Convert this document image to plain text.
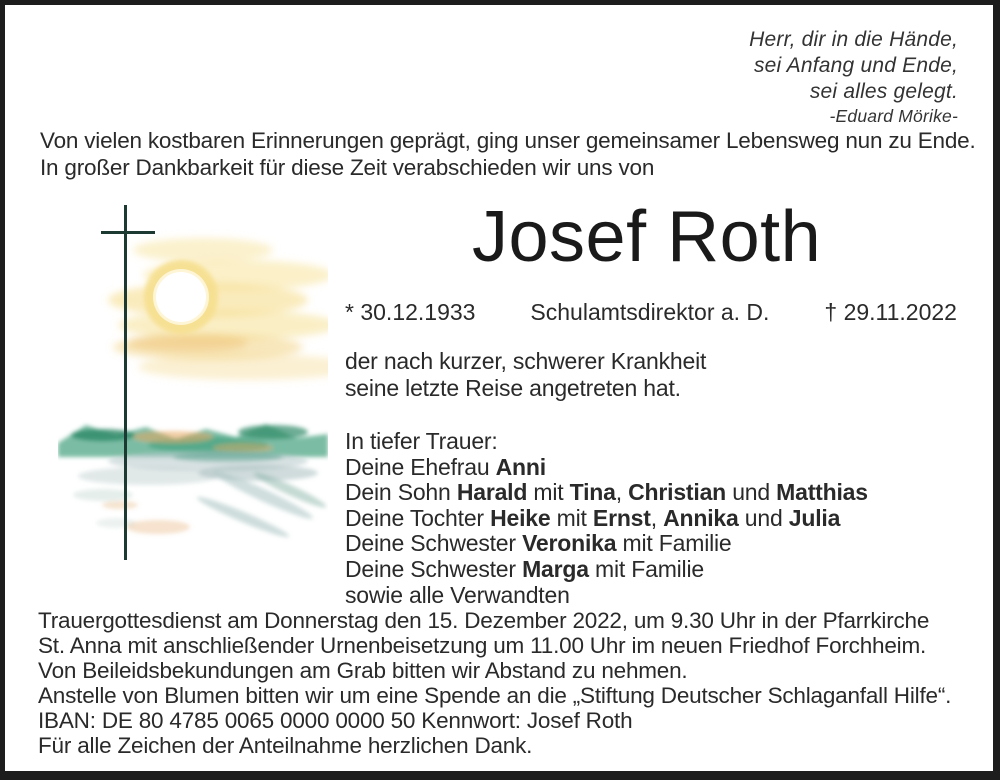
Herr, dir in die Hände,
sei Anfang und Ende,
sei alles gelegt.
-Eduard Mörike-
Von vielen kostbaren Erinnerungen geprägt, ging unser gemeinsamer Lebensweg nun zu Ende.
In großer Dankbarkeit für diese Zeit verabschieden wir uns von
Josef Roth
* 30.12.1933 Schulamtsdirektor a. D. † 29.11.2022
der nach kurzer, schwerer Krankheit
seine letzte Reise angetreten hat.
In tiefer Trauer:
Deine Ehefrau Anni
Dein Sohn Harald mit Tina, Christian und Matthias
Deine Tochter Heike mit Ernst, Annika und Julia
Deine Schwester Veronika mit Familie
Deine Schwester Marga mit Familie
sowie alle Verwandten
Trauergottesdienst am Donnerstag den 15. Dezember 2022, um 9.30 Uhr in der Pfarrkirche
St. Anna mit anschließender Urnenbeisetzung um 11.00 Uhr im neuen Friedhof Forchheim.
Von Beileidsbekundungen am Grab bitten wir Abstand zu nehmen.
Anstelle von Blumen bitten wir um eine Spende an die „Stiftung Deutscher Schlaganfall Hilfe“.
IBAN: DE 80 4785 0065 0000 0000 50 Kennwort: Josef Roth
Für alle Zeichen der Anteilnahme herzlichen Dank.
